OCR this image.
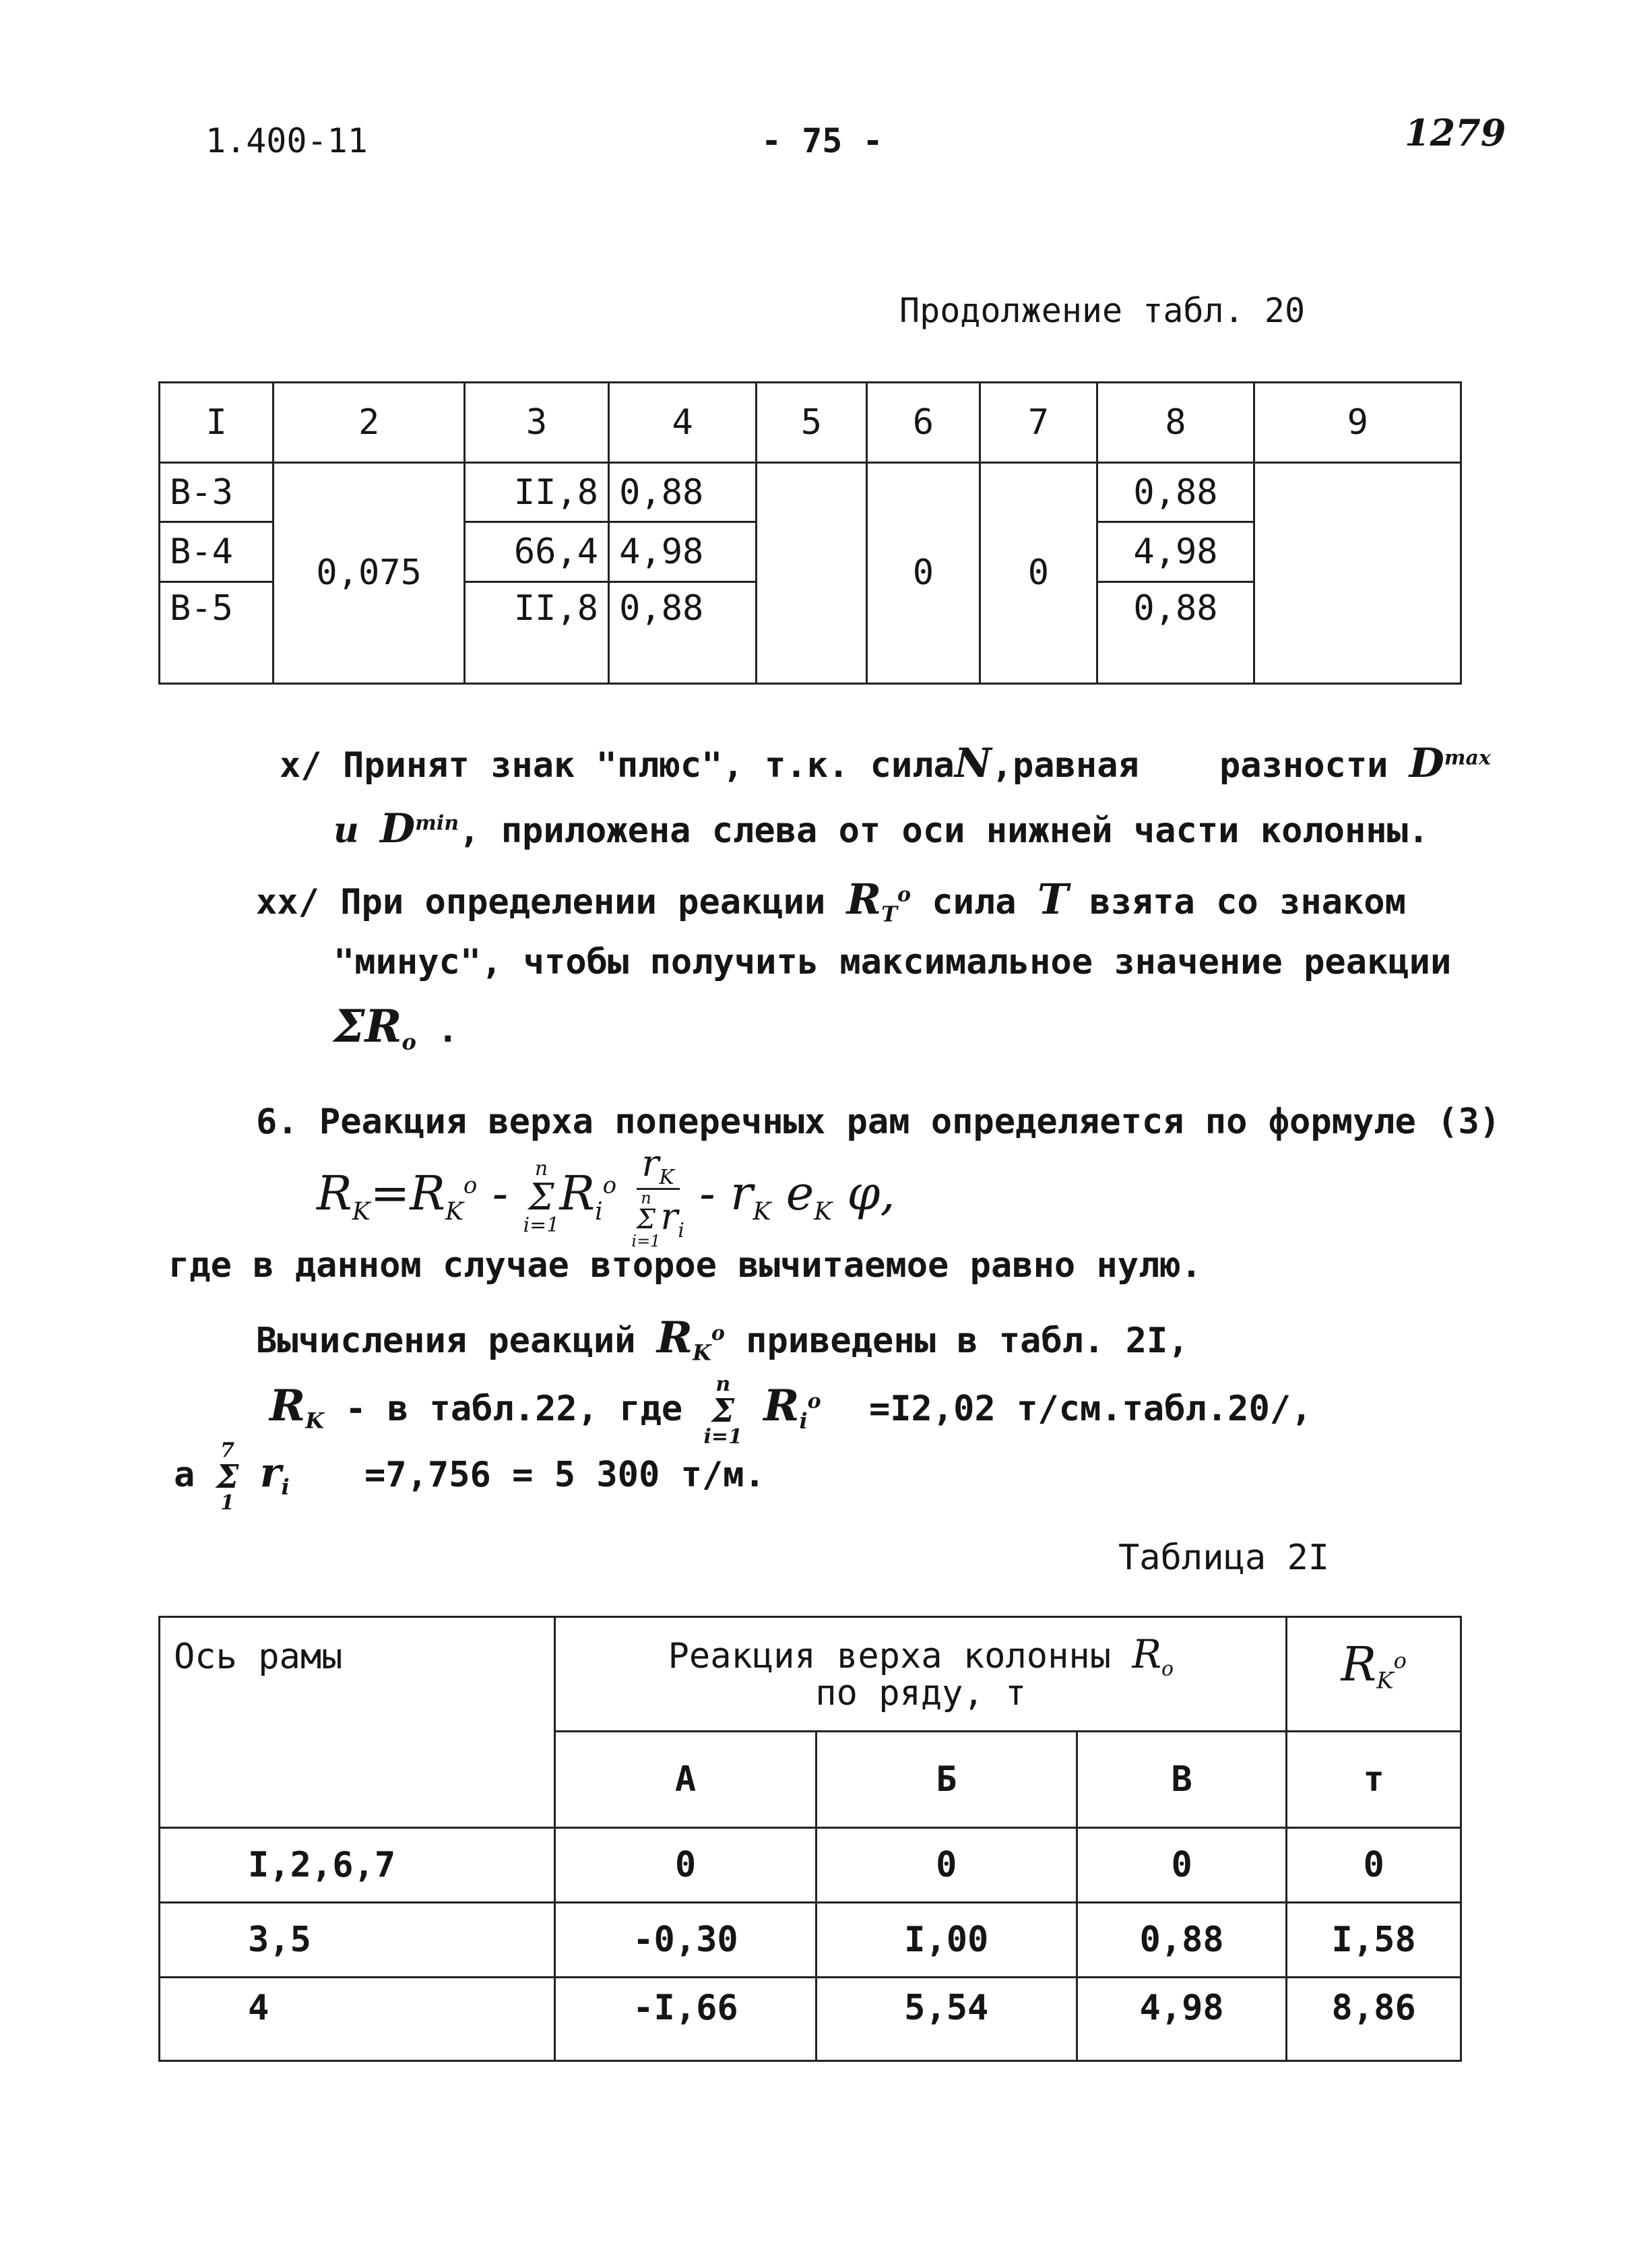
1.400-11	- 75 -	1279
Продолжение табл. 20
I	2	3	4	5	6	7	8	9
В-3	0,075	II,8	0,88		0	0	0,88	
В-4		66,4	4,98				4,98	
В-5		II,8	0,88				0,88	
x/ Принят знак "плюс", т.к. силаN,равная разности $D^{max}$
и $D^{min}$, приложена слева от оси нижней части колонны.
xx/ При определении реакции $R_T^o$ сила T взята со знаком
"минус", чтобы получить максимальное значение реакции
$\Sigma R_o$ .
6. Реакция верха поперечных рам определяется по формуле (3)
$R_K=R_K^o - n$
Σ
i=1
$R_i^o$ $r_K$
n
Σ
i=1
$r_i - r_K$ $e_K$ φ,
где в данном случае второе вычитаемое равно нулю.
Вычисления реакций $R_K^o$ приведены в табл. 2I,
$R_K$ - в табл.22, где
n
Σ
i=1
$R_i^o =I2,02$ т/см.табл.20/,
а
7
Σ
1
$r_i =7,756 = 5$ 300 т/м.
Таблица 2I
Ось рамы	Реакция верха колонны $R_o$
по ряду, т			$R_K^o$
	А	Б	В	т
I,2,6,7	0	0	0	0
3,5	-0,30	I,00	0,88	I,58
4	-I,66	5,54	4,98	8,86
